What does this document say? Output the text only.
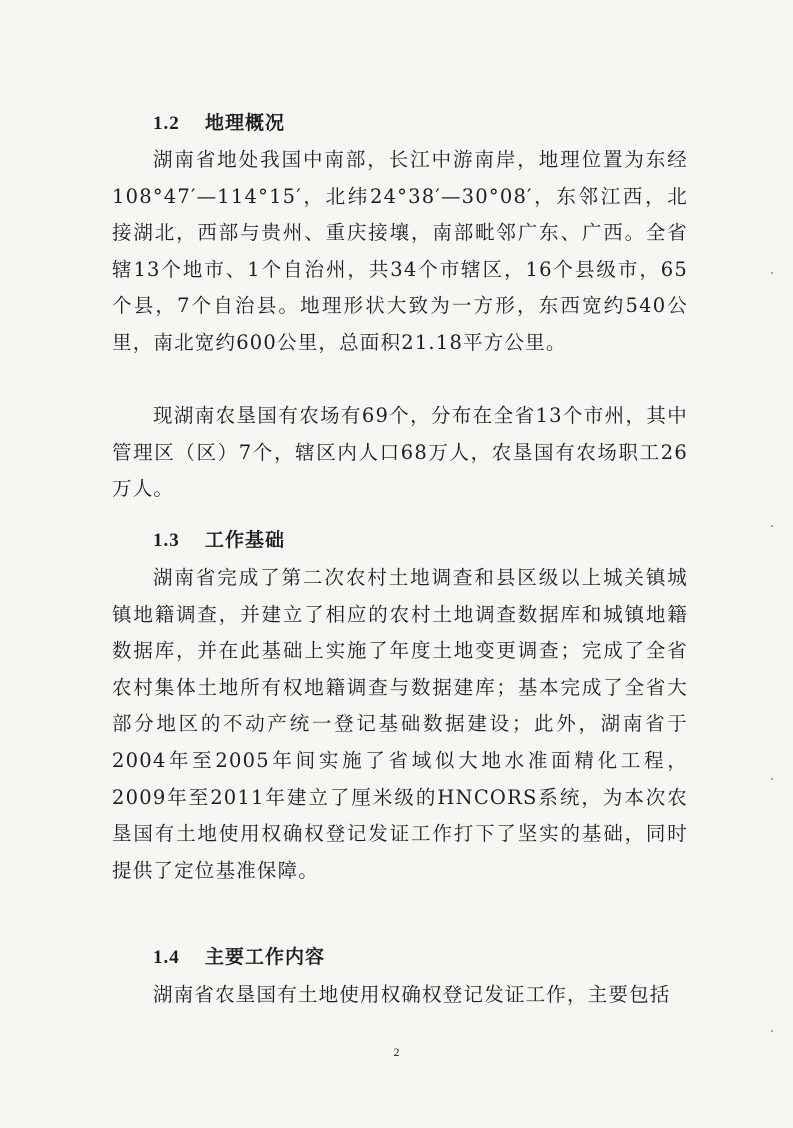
1.2 地理概况

湖南省地处我国中南部，长江中游南岸，地理位置为东经108°47′—114°15′，北纬24°38′—30°08′，东邻江西，北接湖北，西部与贵州、重庆接壤，南部毗邻广东、广西。全省辖13个地市、1个自治州，共34个市辖区，16个县级市，65个县，7个自治县。地理形状大致为一方形，东西宽约540公里，南北宽约600公里，总面积21.18平方公里。

现湖南农垦国有农场有69个，分布在全省13个市州，其中管理区（区）7个，辖区内人口68万人，农垦国有农场职工26万人。

1.3 工作基础

湖南省完成了第二次农村土地调查和县区级以上城关镇城镇地籍调查，并建立了相应的农村土地调查数据库和城镇地籍数据库，并在此基础上实施了年度土地变更调查；完成了全省农村集体土地所有权地籍调查与数据建库；基本完成了全省大部分地区的不动产统一登记基础数据建设；此外，湖南省于2004年至2005年间实施了省域似大地水准面精化工程，2009年至2011年建立了厘米级的HNCORS系统，为本次农垦国有土地使用权确权登记发证工作打下了坚实的基础，同时提供了定位基准保障。

1.4 主要工作内容

湖南省农垦国有土地使用权确权登记发证工作，主要包括

2
